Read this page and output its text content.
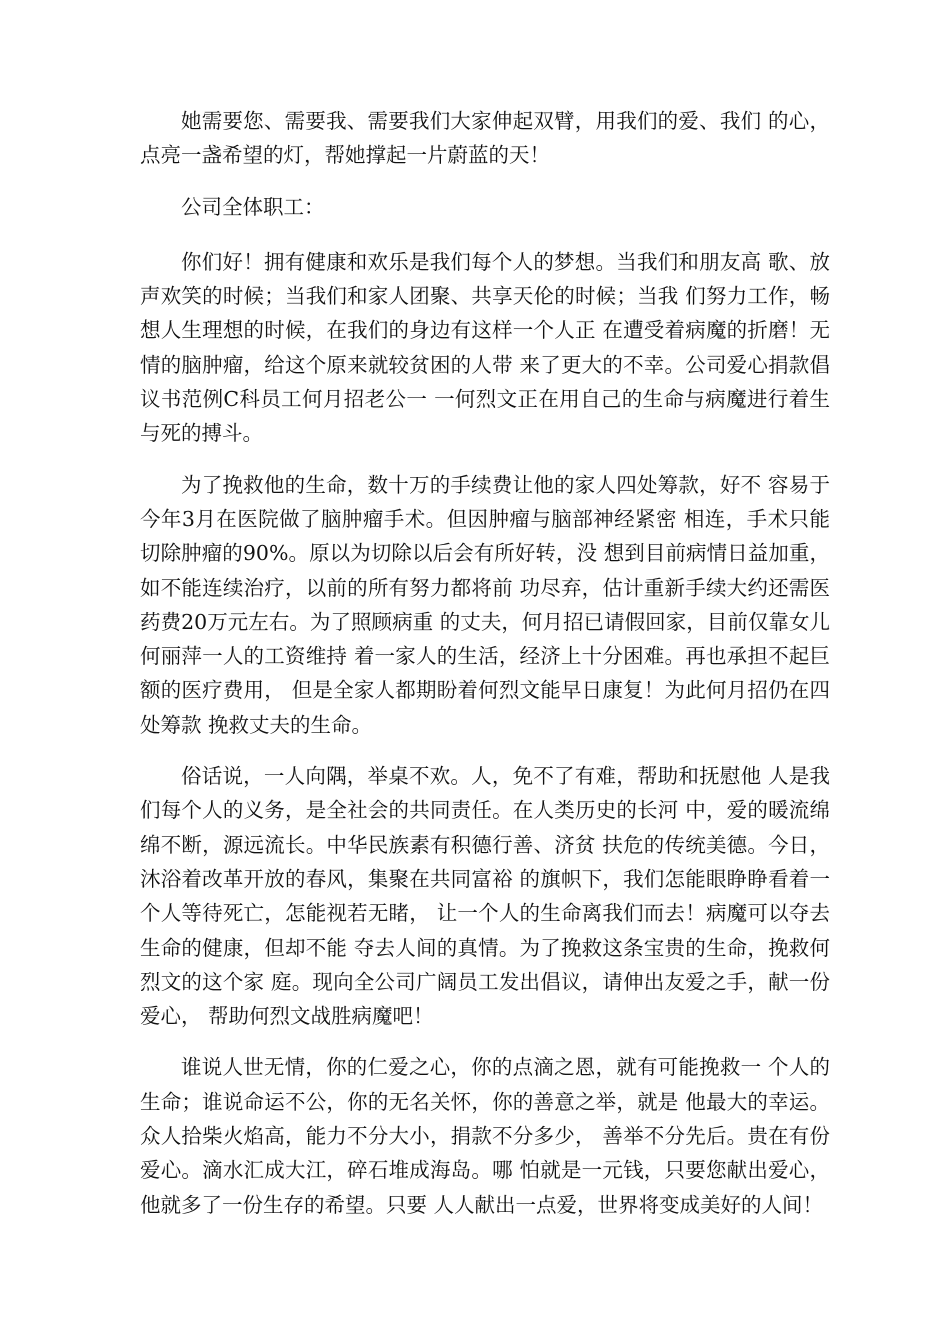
她需要您、需要我、需要我们大家伸起双臂，用我们的爱、我们 的心，点亮一盏希望的灯，帮她撑起一片蔚蓝的天！

公司全体职工：

你们好！拥有健康和欢乐是我们每个人的梦想。当我们和朋友高 歌、放声欢笑的时候；当我们和家人团聚、共享天伦的时候；当我 们努力工作，畅想人生理想的时候，在我们的身边有这样一个人正 在遭受着病魔的折磨！无情的脑肿瘤，给这个原来就较贫困的人带 来了更大的不幸。公司爱心捐款倡议书范例C科员工何月招老公一 一何烈文正在用自己的生命与病魔进行着生与死的搏斗。

为了挽救他的生命，数十万的手续费让他的家人四处筹款，好不 容易于今年3月在医院做了脑肿瘤手术。但因肿瘤与脑部神经紧密 相连，手术只能切除肿瘤的90%。原以为切除以后会有所好转，没 想到目前病情日益加重，如不能连续治疗，以前的所有努力都将前 功尽弃，估计重新手续大约还需医药费20万元左右。为了照顾病重 的丈夫，何月招已请假回家，目前仅靠女儿何丽萍一人的工资维持 着一家人的生活，经济上十分困难。再也承担不起巨额的医疗费用， 但是全家人都期盼着何烈文能早日康复！为此何月招仍在四处筹款 挽救丈夫的生命。

俗话说，一人向隅，举桌不欢。人，免不了有难，帮助和抚慰他 人是我们每个人的义务，是全社会的共同责任。在人类历史的长河 中，爱的暖流绵绵不断，源远流长。中华民族素有积德行善、济贫 扶危的传统美德。今日，沐浴着改革开放的春风，集聚在共同富裕 的旗帜下，我们怎能眼睁睁看着一个人等待死亡，怎能视若无睹， 让一个人的生命离我们而去！病魔可以夺去生命的健康，但却不能 夺去人间的真情。为了挽救这条宝贵的生命，挽救何烈文的这个家 庭。现向全公司广阔员工发出倡议，请伸出友爱之手，献一份爱心， 帮助何烈文战胜病魔吧！

谁说人世无情，你的仁爱之心，你的点滴之恩，就有可能挽救一 个人的生命；谁说命运不公，你的无名关怀，你的善意之举，就是 他最大的幸运。众人拾柴火焰高，能力不分大小，捐款不分多少， 善举不分先后。贵在有份爱心。滴水汇成大江，碎石堆成海岛。哪 怕就是一元钱，只要您献出爱心，他就多了一份生存的希望。只要 人人献出一点爱，世界将变成美好的人间！
